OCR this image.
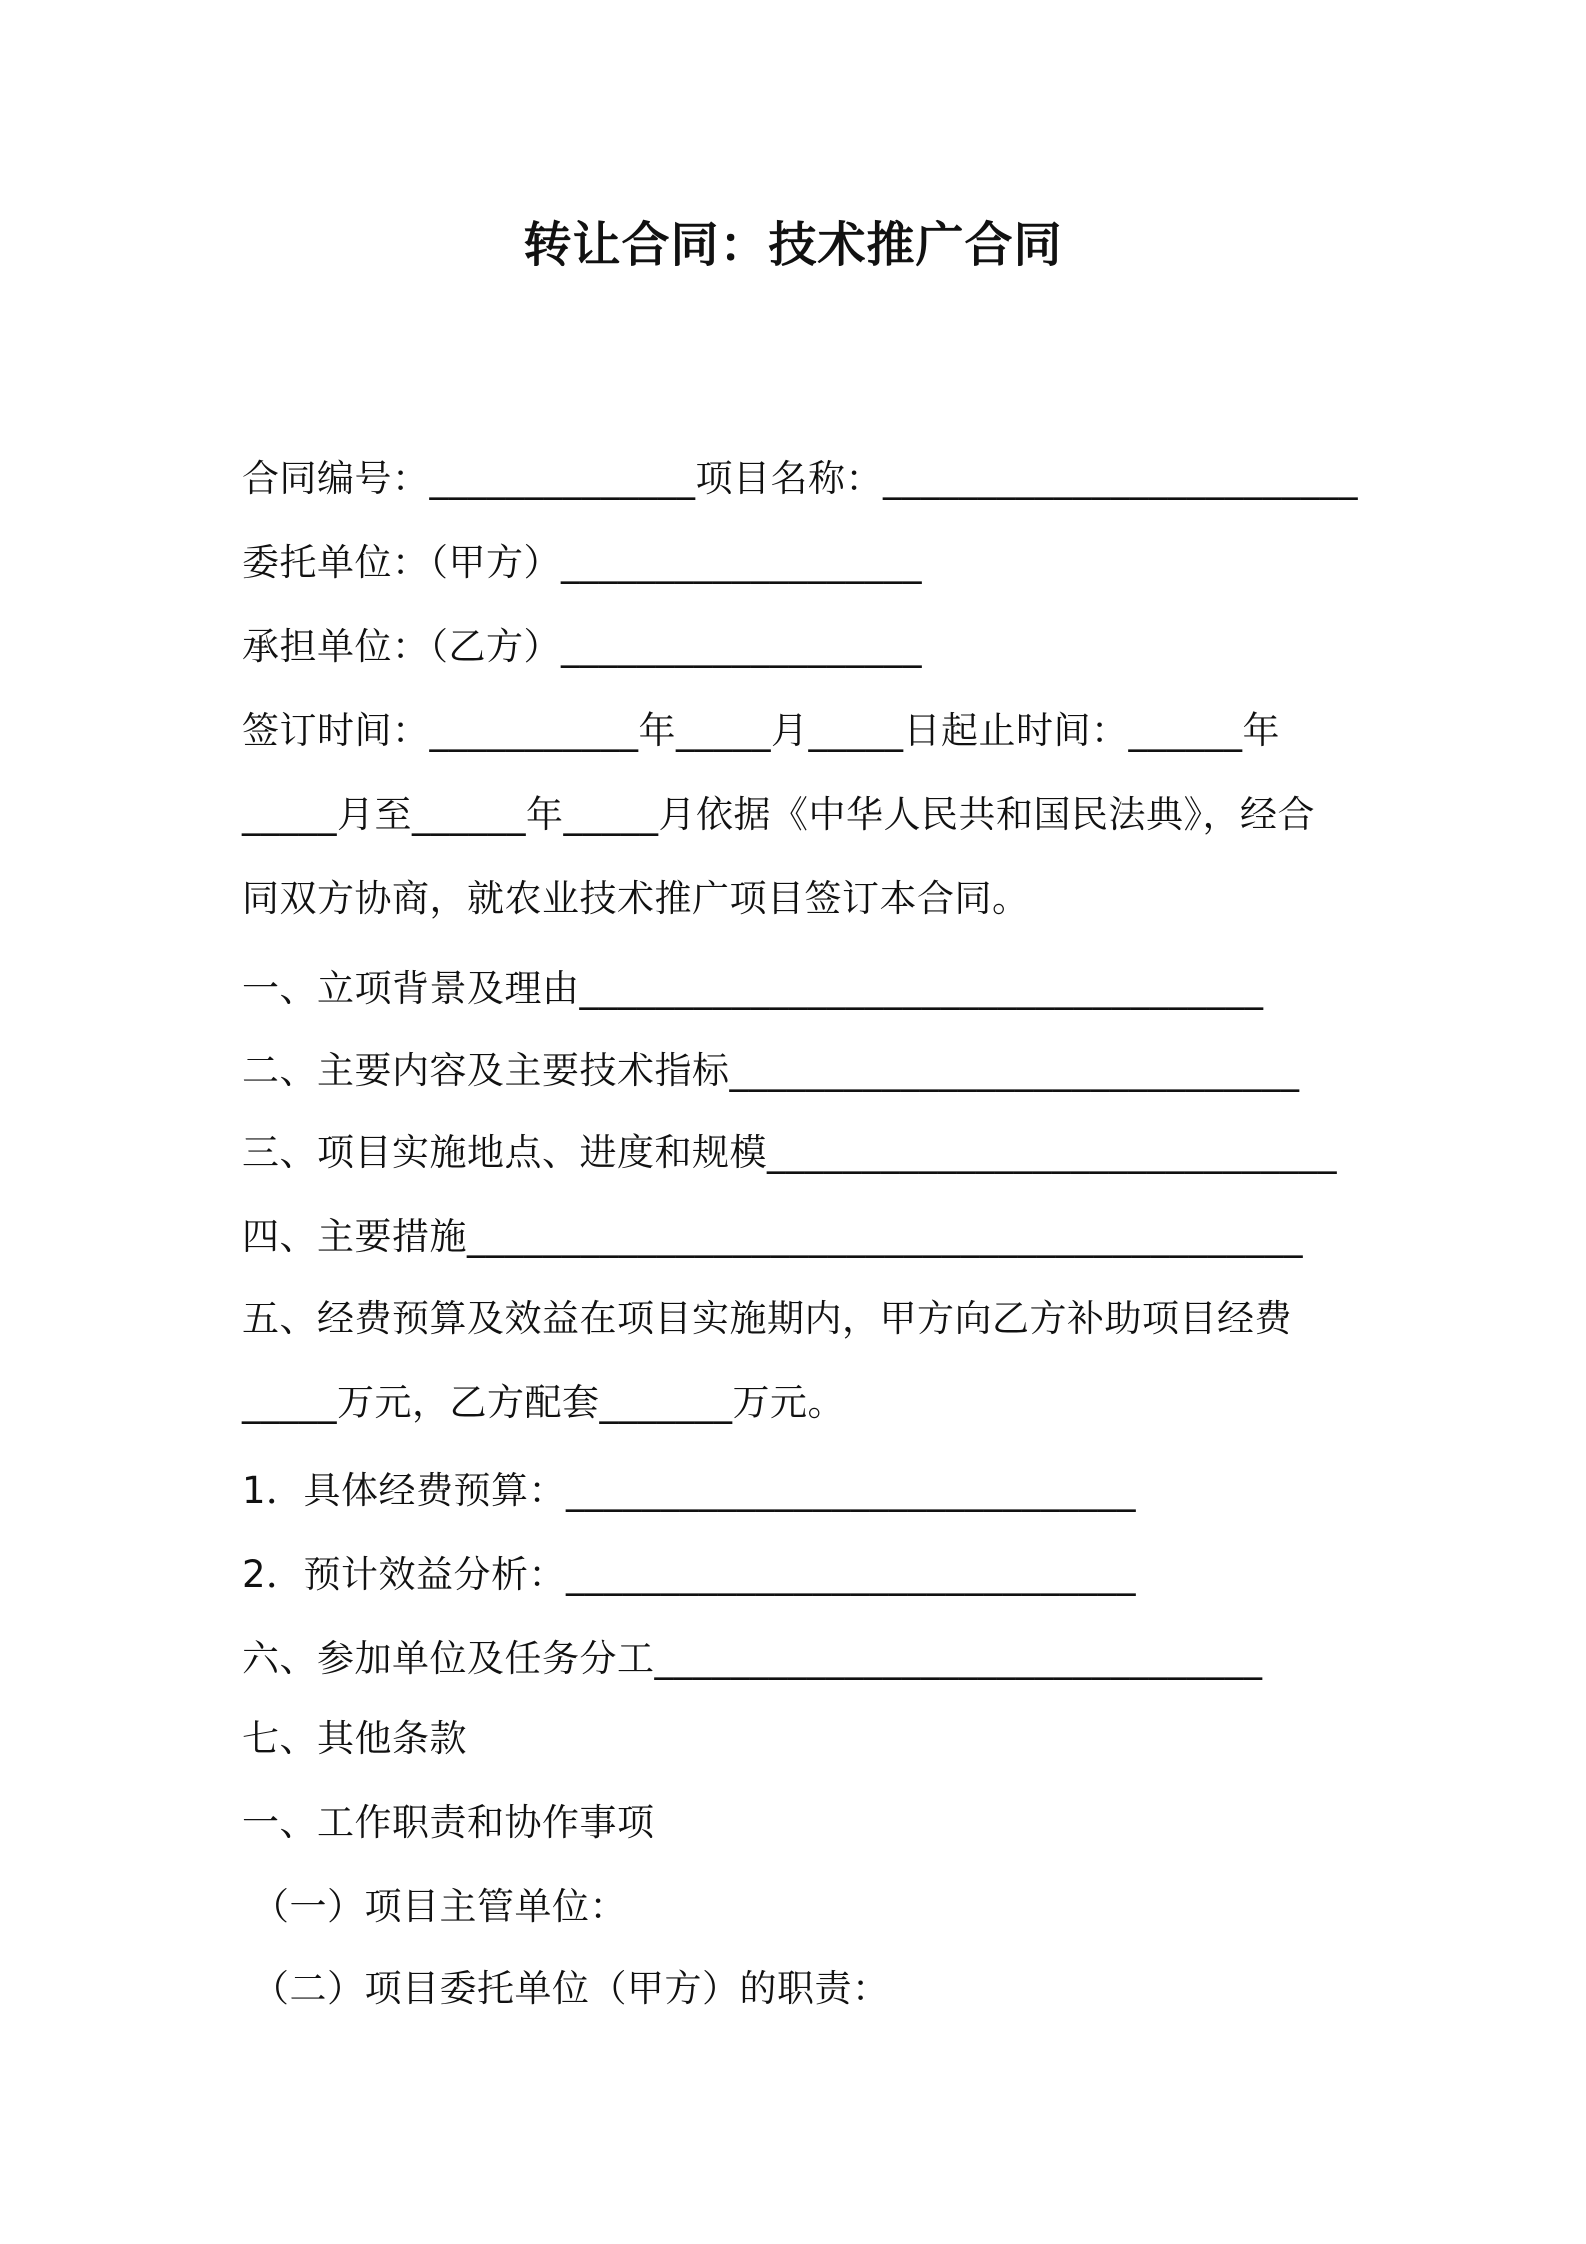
转让合同：技术推广合同
合同编号：______________项目名称：_________________________
委托单位：（甲方）___________________
承担单位：（乙方）___________________
签订时间：___________年_____月_____日起止时间：______年
_____月至______年_____月依据《中华人民共和国民法典》，经合
同双方协商，就农业技术推广项目签订本合同。
一、立项背景及理由____________________________________
二、主要内容及主要技术指标______________________________
三、项目实施地点、进度和规模______________________________
四、主要措施____________________________________________
五、经费预算及效益在项目实施期内，甲方向乙方补助项目经费
_____万元，乙方配套_______万元。
1．具体经费预算：______________________________
2．预计效益分析：______________________________
六、参加单位及任务分工________________________________
七、其他条款
一、工作职责和协作事项
（一）项目主管单位：
（二）项目委托单位（甲方）的职责：
